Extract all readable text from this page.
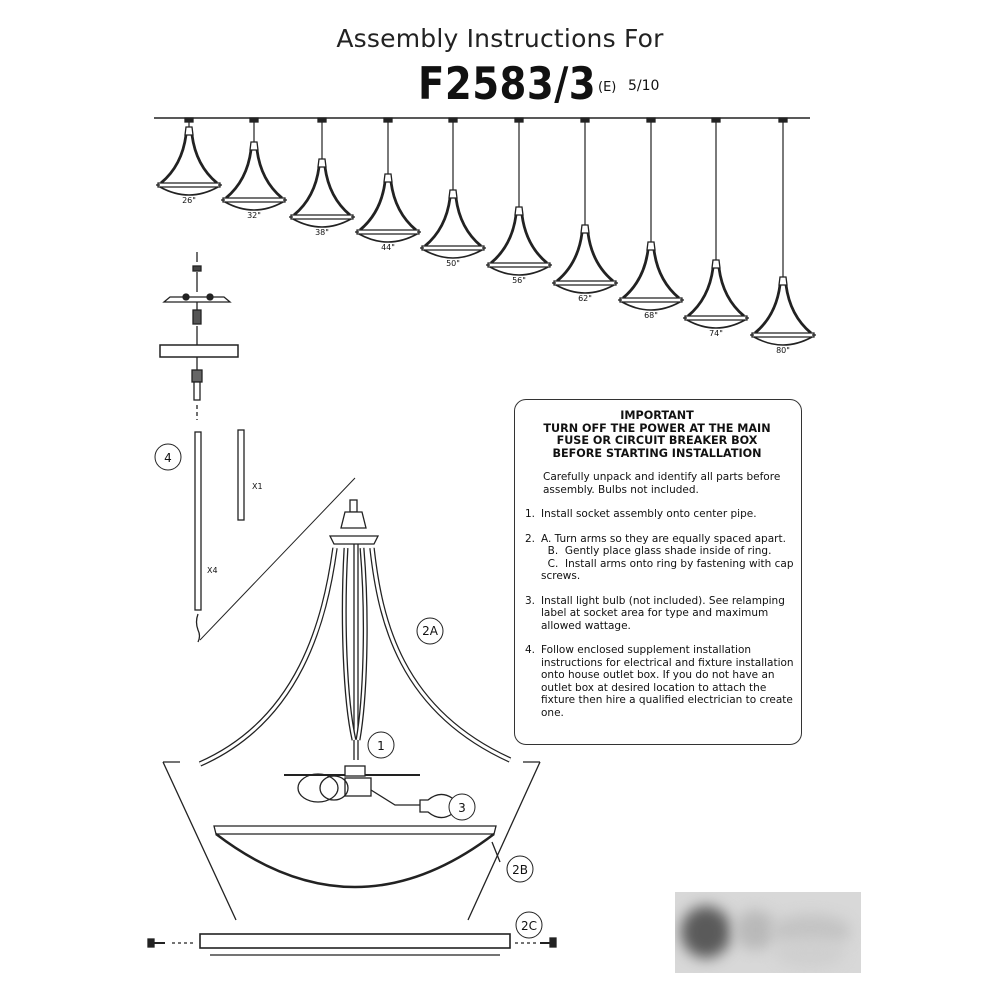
Assembly Instructions For
F2583/3 (E) 5/10
26"
32"
38"
44"
50"
56"
62"
68"
74"
80"
X1
X4
4
2A
1
3
2B
2C
IMPORTANT
TURN OFF THE POWER AT THE MAIN
FUSE OR CIRCUIT BREAKER BOX
BEFORE STARTING INSTALLATION
Carefully unpack and identify all parts before
assembly. Bulbs not included.
1. Install socket assembly onto center pipe.
2. A. Turn arms so they are equally spaced apart.
B.  Gently place glass shade inside of ring.
C.  Install arms onto ring by fastening with cap
screws.
3. Install light bulb (not included). See relamping
label at socket area for type and maximum
allowed wattage.
4. Follow enclosed supplement installation
instructions for electrical and fixture installation
onto house outlet box. If you do not have an
outlet box at desired location to attach the
fixture then hire a qualified electrician to create
one.
